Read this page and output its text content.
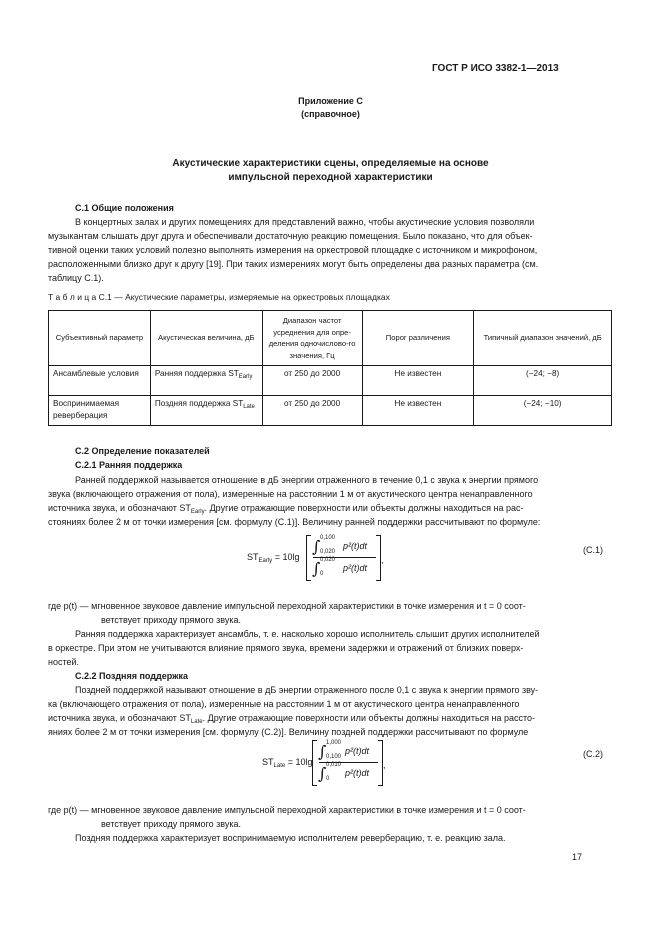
ГОСТ Р ИСО 3382-1—2013
Приложение С
(справочное)
Акустические характеристики сцены, определяемые на основе
импульсной переходной характеристики
С.1 Общие положения
В концертных залах и других помещениях для представлений важно, чтобы акустические условия позволяли
музыкантам слышать друг друга и обеспечивали достаточную реакцию помещения. Было показано, что для объек-
тивной оценки таких условий полезно выполнять измерения на оркестровой площадке с источником и микрофоном,
расположенными близко друг к другу [19]. При таких измерениях могут быть определены два разных параметра (см.
таблицу С.1).
Т а б л и ц а С.1 — Акустические параметры, измеряемые на оркестровых площадках
Субъективный параметр	Акустическая величина, дБ	Диапазон частот усреднения для опре-деления одночислово-го значения, Гц	Порог различения	Типичный диапазон значений, дБ
Ансамблевые условия	Ранняя поддержка $ST_{Early}$	от 250 до 2000	Не известен	(−24; −8)
Воспринимаемая реверберация	Поздняя поддержка $ST_{Late}$	от 250 до 2000	Не известен	(−24; −10)
С.2 Определение показателей
С.2.1 Ранняя поддержка
Ранней поддержкой называется отношение в дБ энергии отраженного в течение 0,1 с звука к энергии прямого
звука (включающего отражения от пола), измеренные на расстоянии 1 м от акустического центра ненаправленного
источника звука, и обозначают $ST_{Early}$. Другие отражающие поверхности или объекты должны находиться на рас-
стояниях более 2 м от точки измерения [см. формулу (С.1)]. Величину ранней поддержки рассчитывают по формуле:
$ST_{Early} = 10\lg$
∫ 0,100
0,020
p²(t)dt
∫ 0,020
0
p²(t)dt
,
(С.1)
где p(t) — мгновенное звуковое давление импульсной переходной характеристики в точке измерения и t = 0 соот-
ветствует приходу прямого звука.
Ранняя поддержка характеризует ансамбль, т. е. насколько хорошо исполнитель слышит других исполнителей
в оркестре. При этом не учитываются влияние прямого звука, времени задержки и отражений от близких поверх-
ностей.
С.2.2 Поздняя поддержка
Поздней поддержкой называют отношение в дБ энергии отраженного после 0,1 с звука к энергии прямого зву-
ка (включающего отражения от пола), измеренные на расстоянии 1 м от акустического центра ненаправленного
источника звука, и обозначают $ST_{Late}$. Другие отражающие поверхности или объекты должны находиться на рассто-
яниях более 2 м от точки измерения [см. формулу (С.2)]. Величину поздней поддержки рассчитывают по формуле
$ST_{Late} = 10\lg$
∫ 1,000
0,100
p²(t)dt
∫ 0,010
0
p²(t)dt
,
(С.2)
где p(t) — мгновенное звуковое давление импульсной переходной характеристики в точке измерения и t = 0 соот-
ветствует приходу прямого звука.
Поздняя поддержка характеризует воспринимаемую исполнителем реверберацию, т. е. реакцию зала.
17
